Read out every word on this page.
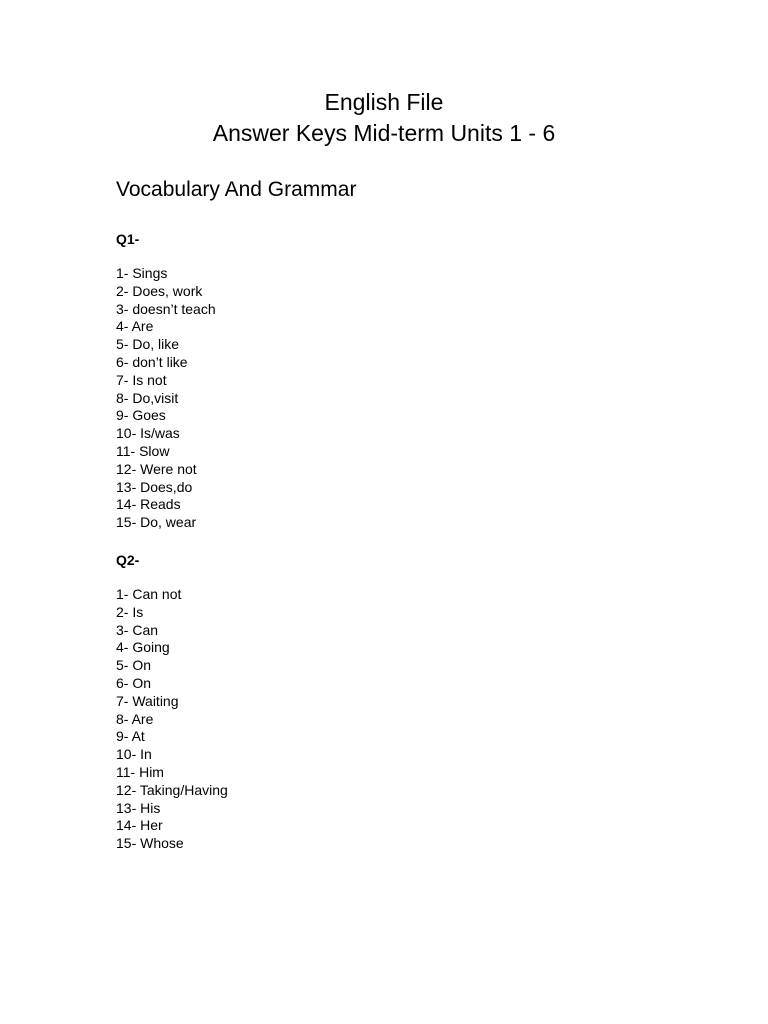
English File
Answer Keys Mid-term Units 1 - 6
Vocabulary And Grammar

Q1-

1- Sings
2- Does, work
3- doesn’t teach
4- Are
5- Do, like
6- don’t like
7- Is not
8- Do,visit
9- Goes
10- Is/was
11- Slow
12- Were not
13- Does,do
14- Reads
15- Do, wear

Q2-

1- Can not
2- Is
3- Can
4- Going
5- On
6- On
7- Waiting
8- Are
9- At
10- In
11- Him
12- Taking/Having
13- His
14- Her
15- Whose
